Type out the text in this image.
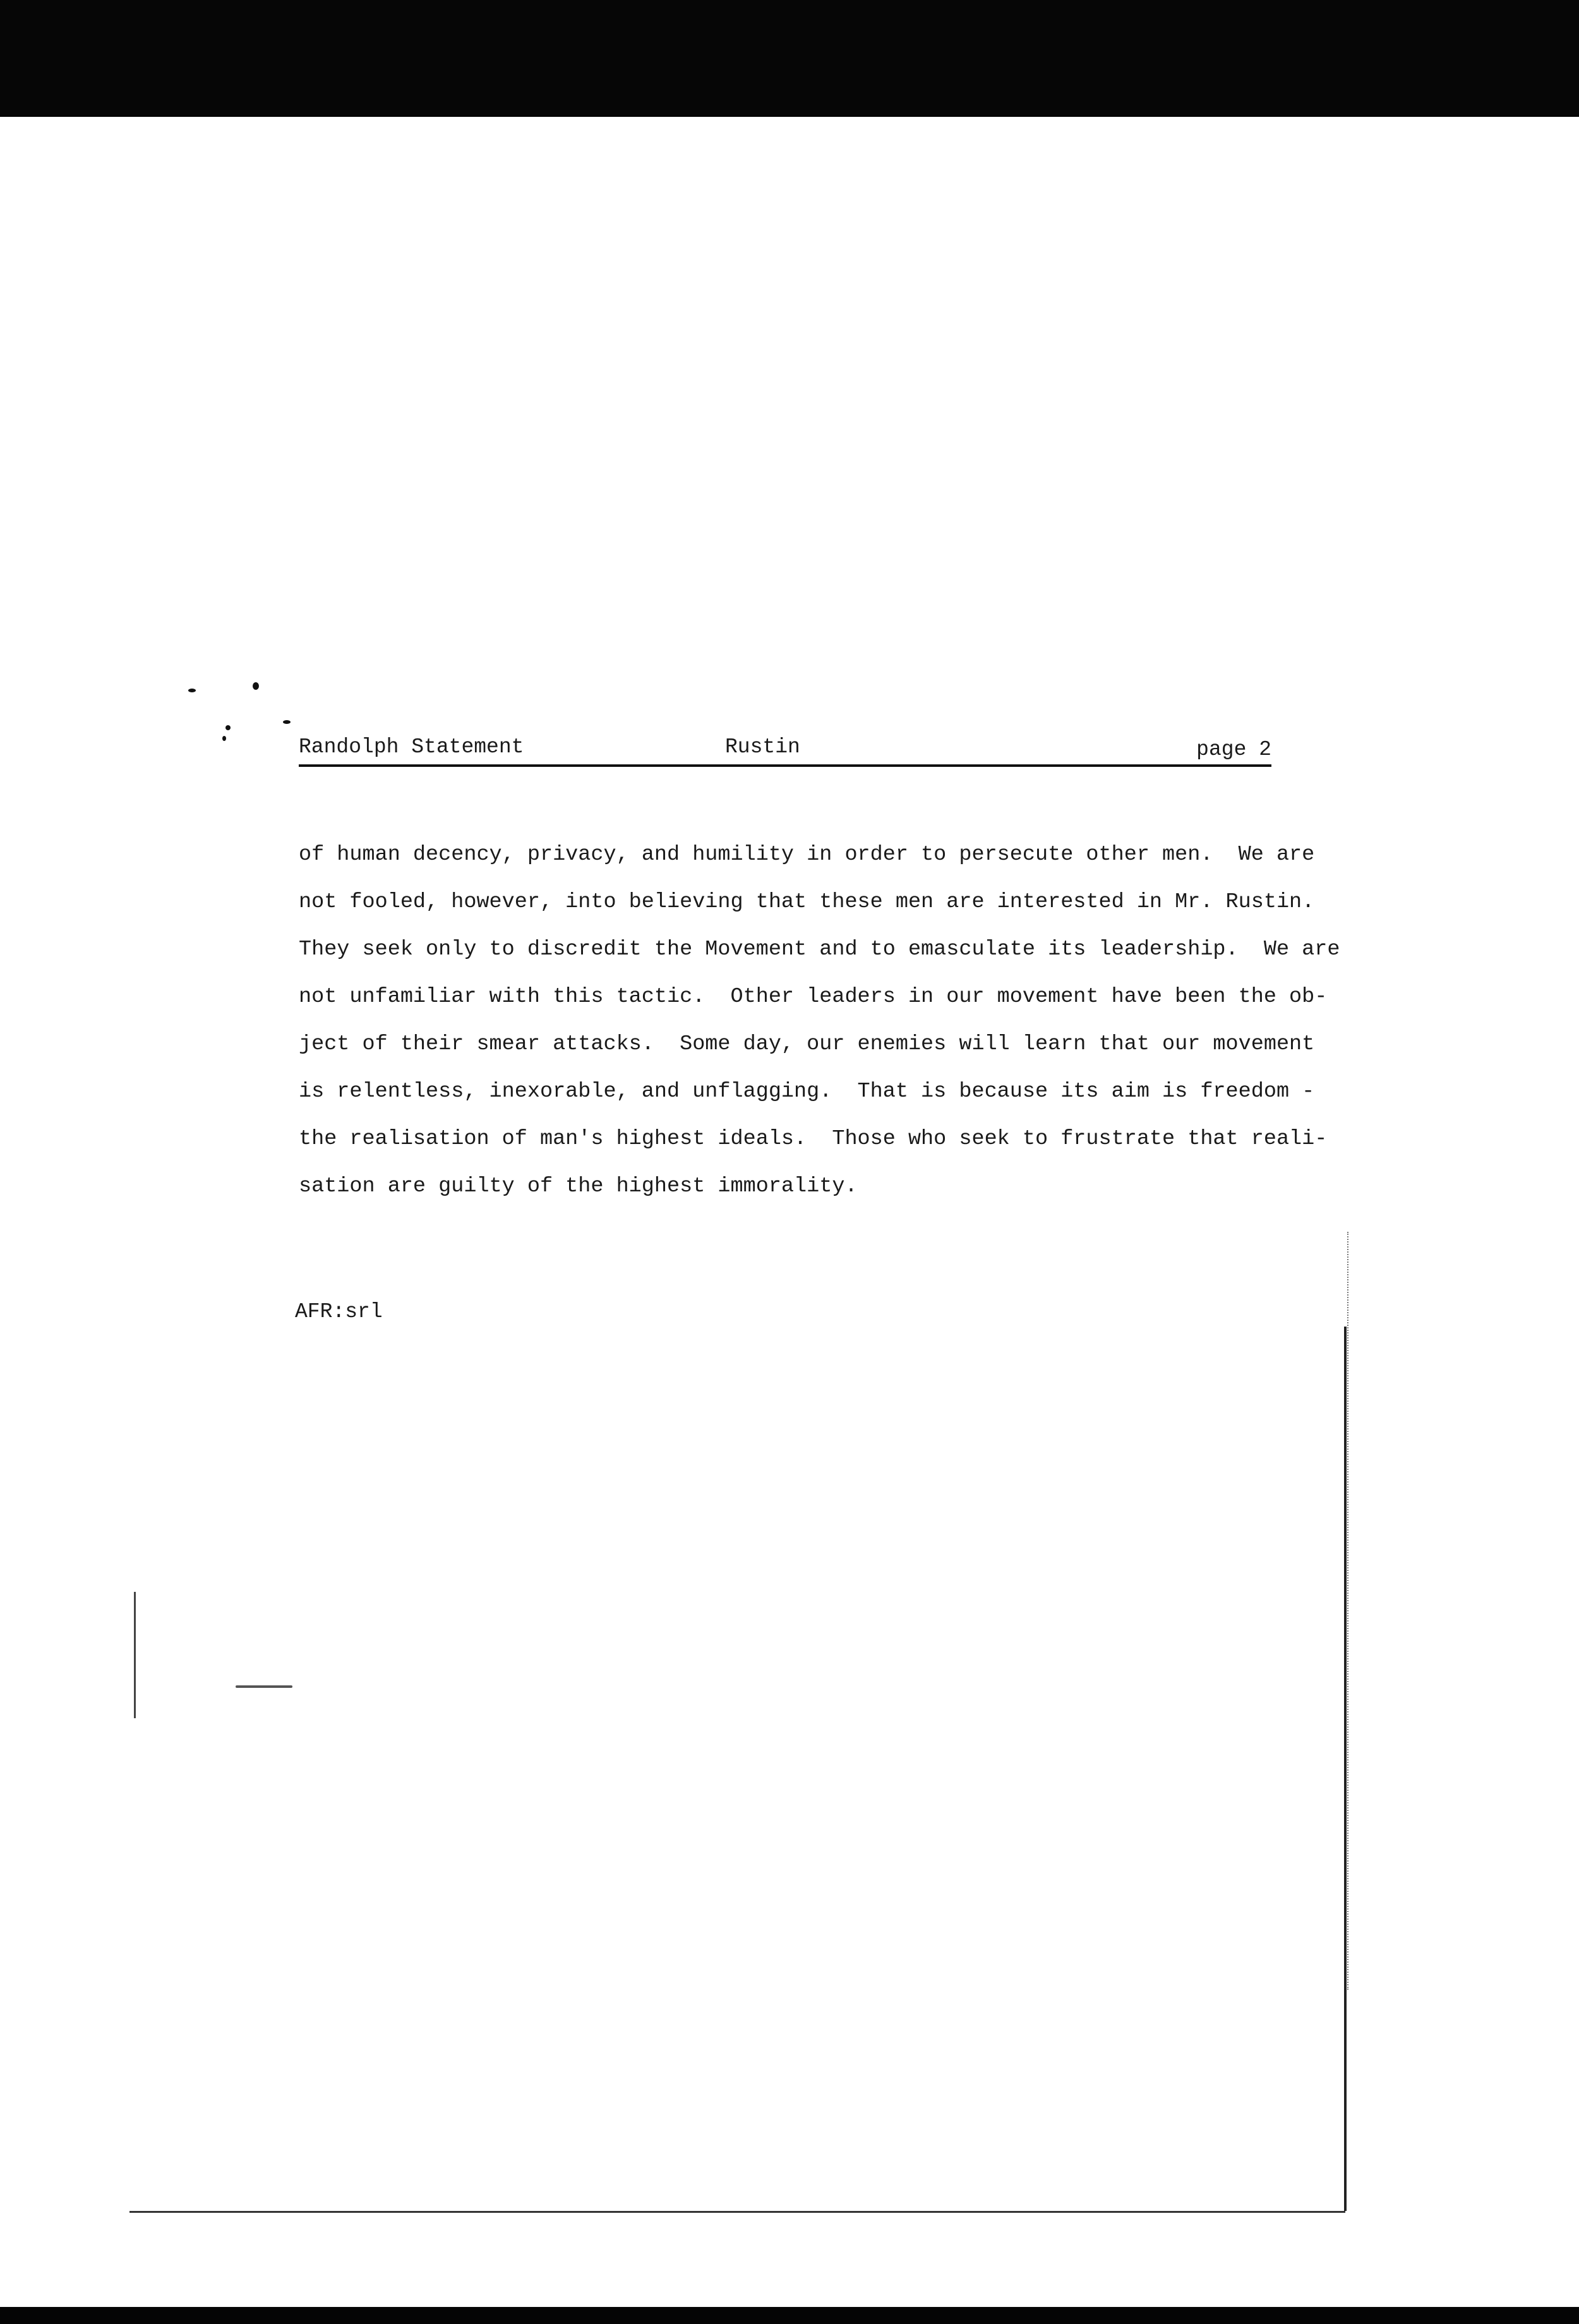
Randolph Statement	Rustin	page 2

of human decency, privacy, and humility in order to persecute other men.  We are
not fooled, however, into believing that these men are interested in Mr. Rustin.
They seek only to discredit the Movement and to emasculate its leadership.  We are
not unfamiliar with this tactic.  Other leaders in our movement have been the ob-
ject of their smear attacks.  Some day, our enemies will learn that our movement
is relentless, inexorable, and unflagging.  That is because its aim is freedom -
the realisation of man's highest ideals.  Those who seek to frustrate that reali-
sation are guilty of the highest immorality.

AFR:srl
